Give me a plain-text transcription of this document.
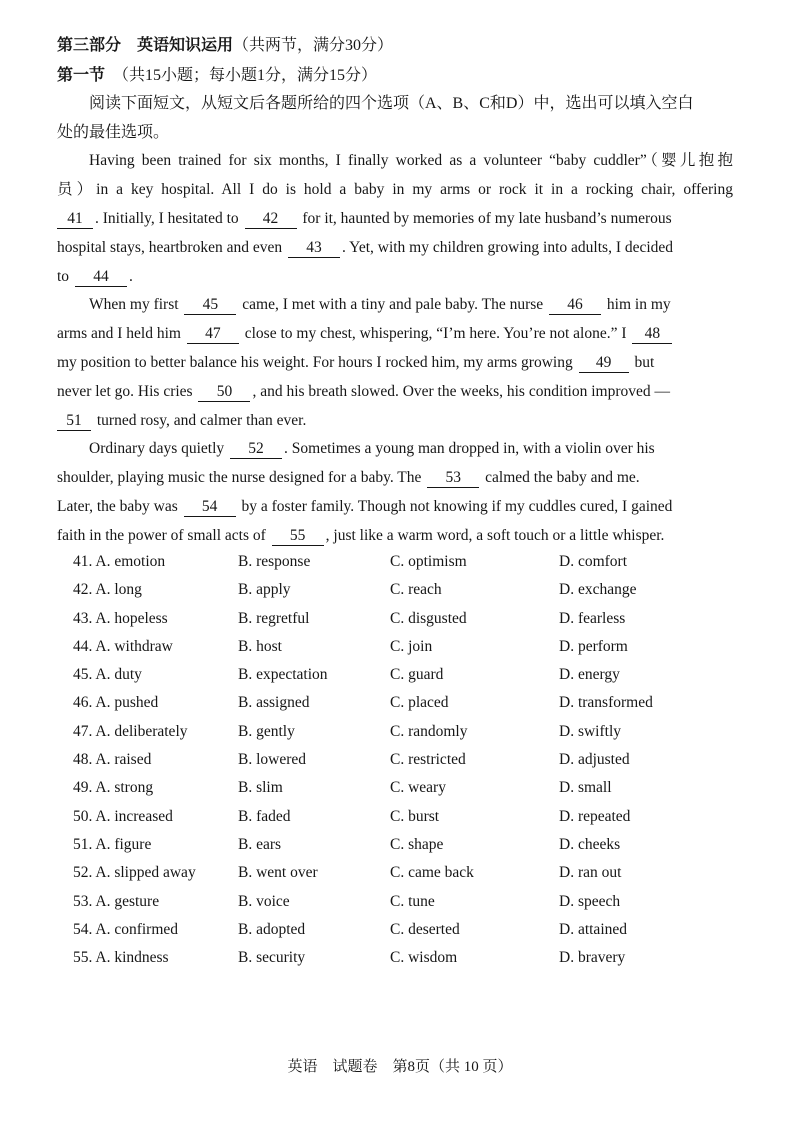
第三部分　英语知识运用（共两节，满分30分）
第一节 （共15小题；每小题1分，满分15分）
阅读下面短文，从短文后各题所给的四个选项（A、B、C和D）中，选出可以填入空白
处的最佳选项。
Having been trained for six months, I finally worked as a volunteer “baby cuddler”（婴儿抱抱
员）in a key hospital. All I do is hold a baby in my arms or rock it in a rocking chair, offering
41 . Initially, I hesitated to 42 for it, haunted by memories of my late husband’s numerous
hospital stays, heartbroken and even 43 . Yet, with my children growing into adults, I decided
to 44 .
When my first 45 came, I met with a tiny and pale baby. The nurse 46 him in my
arms and I held him 47 close to my chest, whispering, “I’m here. You’re not alone.” I 48
my position to better balance his weight. For hours I rocked him, my arms growing 49 but
never let go. His cries 50 , and his breath slowed. Over the weeks, his condition improved —
51 turned rosy, and calmer than ever.
Ordinary days quietly 52 . Sometimes a young man dropped in, with a violin over his
shoulder, playing music the nurse designed for a baby. The 53 calmed the baby and me.
Later, the baby was 54 by a foster family. Though not knowing if my cuddles cured, I gained
faith in the power of small acts of 55 , just like a warm word, a soft touch or a little whisper.
41. A. emotion	B. response	C. optimism	D. comfort
42. A. long	B. apply	C. reach	D. exchange
43. A. hopeless	B. regretful	C. disgusted	D. fearless
44. A. withdraw	B. host	C. join	D. perform
45. A. duty	B. expectation	C. guard	D. energy
46. A. pushed	B. assigned	C. placed	D. transformed
47. A. deliberately	B. gently	C. randomly	D. swiftly
48. A. raised	B. lowered	C. restricted	D. adjusted
49. A. strong	B. slim	C. weary	D. small
50. A. increased	B. faded	C. burst	D. repeated
51. A. figure	B. ears	C. shape	D. cheeks
52. A. slipped away	B. went over	C. came back	D. ran out
53. A. gesture	B. voice	C. tune	D. speech
54. A. confirmed	B. adopted	C. deserted	D. attained
55. A. kindness	B. security	C. wisdom	D. bravery
英语　试题卷　第8页（共 10 页）
